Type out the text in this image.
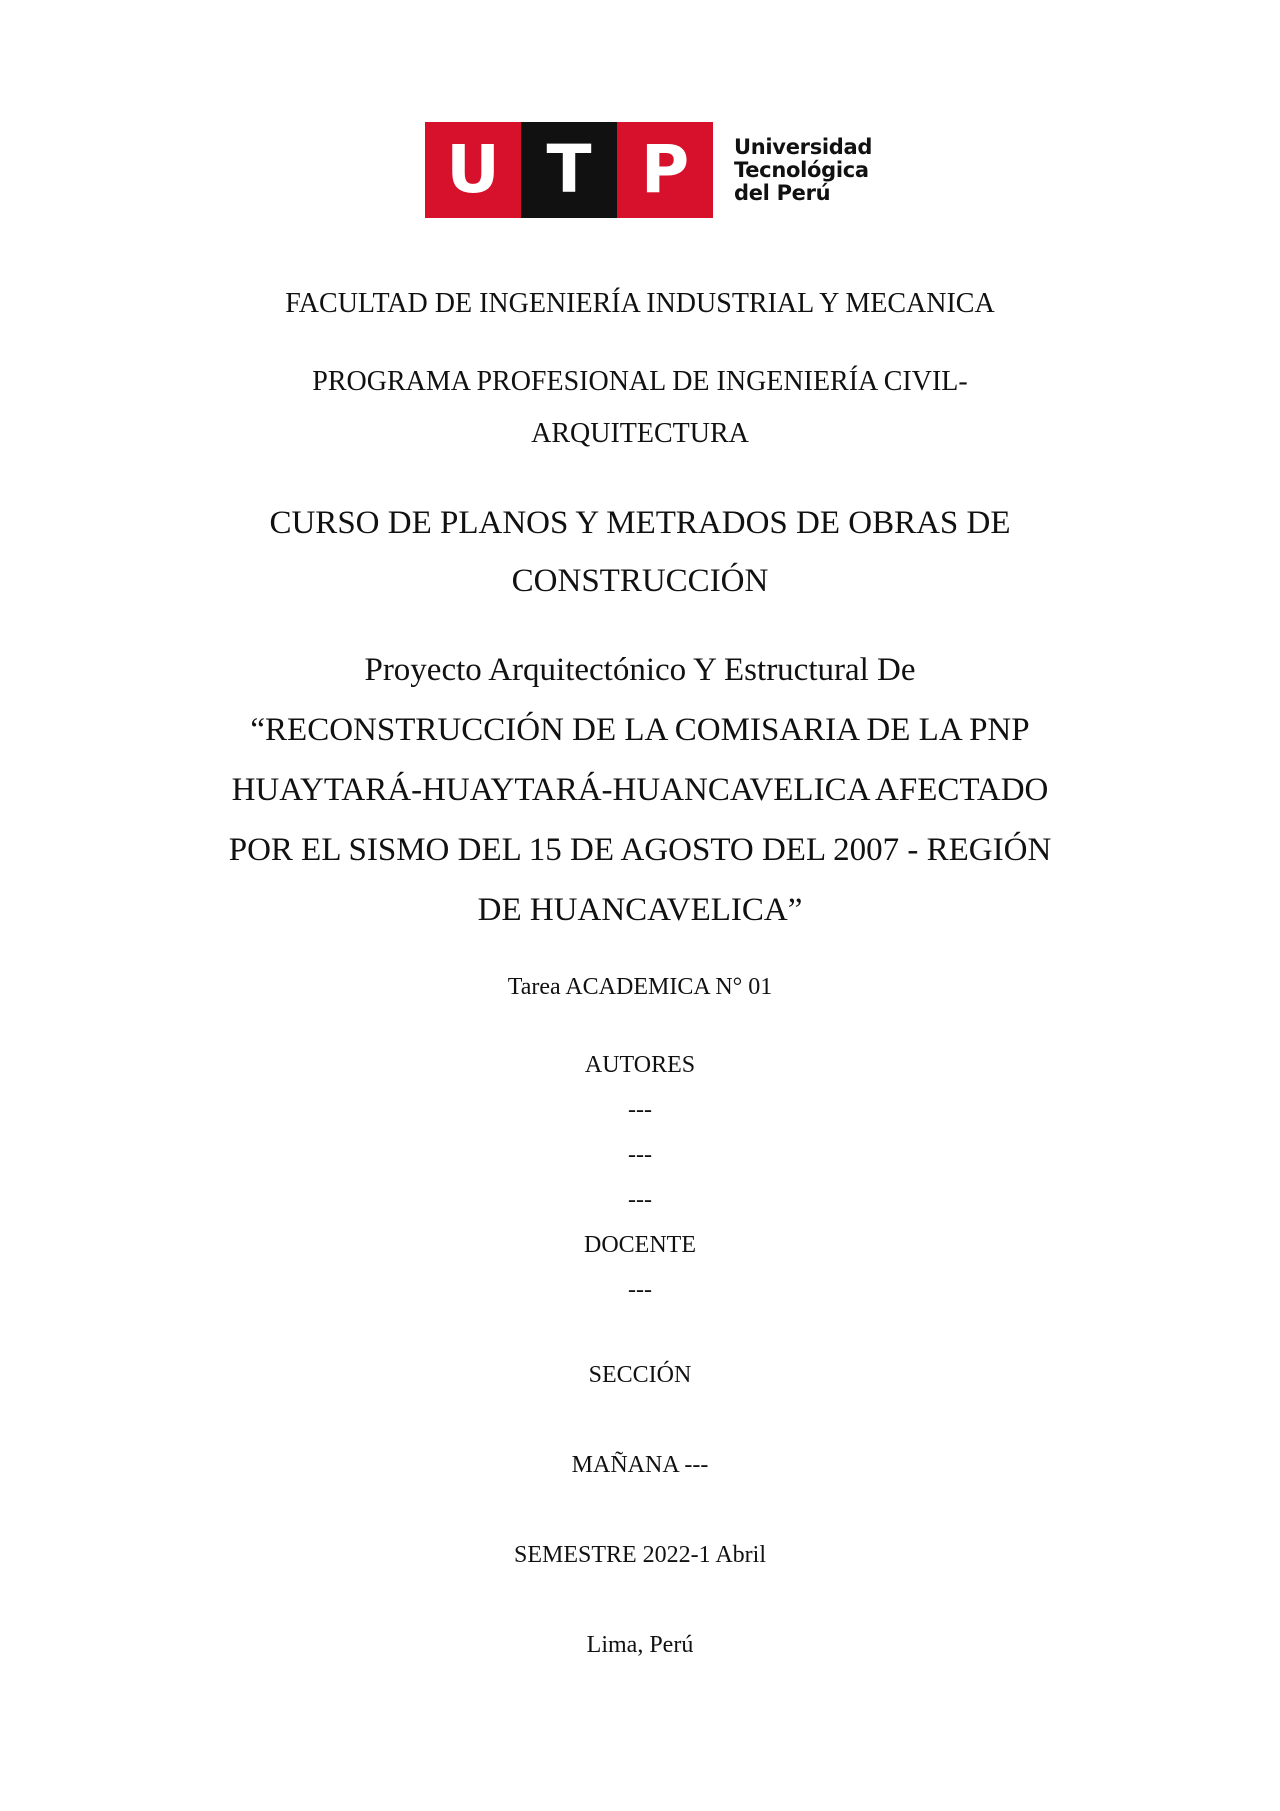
U T P	Universidad
Tecnológica
del Perú
FACULTAD DE INGENIERÍA INDUSTRIAL Y MECANICA
PROGRAMA PROFESIONAL DE INGENIERÍA CIVIL-
ARQUITECTURA
CURSO DE PLANOS Y METRADOS DE OBRAS DE
CONSTRUCCIÓN
Proyecto Arquitectónico Y Estructural De
“RECONSTRUCCIÓN DE LA COMISARIA DE LA PNP
HUAYTARÁ-HUAYTARÁ-HUANCAVELICA AFECTADO
POR EL SISMO DEL 15 DE AGOSTO DEL 2007 - REGIÓN
DE HUANCAVELICA”

Tarea ACADEMICA N° 01

AUTORES
---
---
---
DOCENTE
---

SECCIÓN

MAÑANA ---

SEMESTRE 2022-1 Abril

Lima, Perú
